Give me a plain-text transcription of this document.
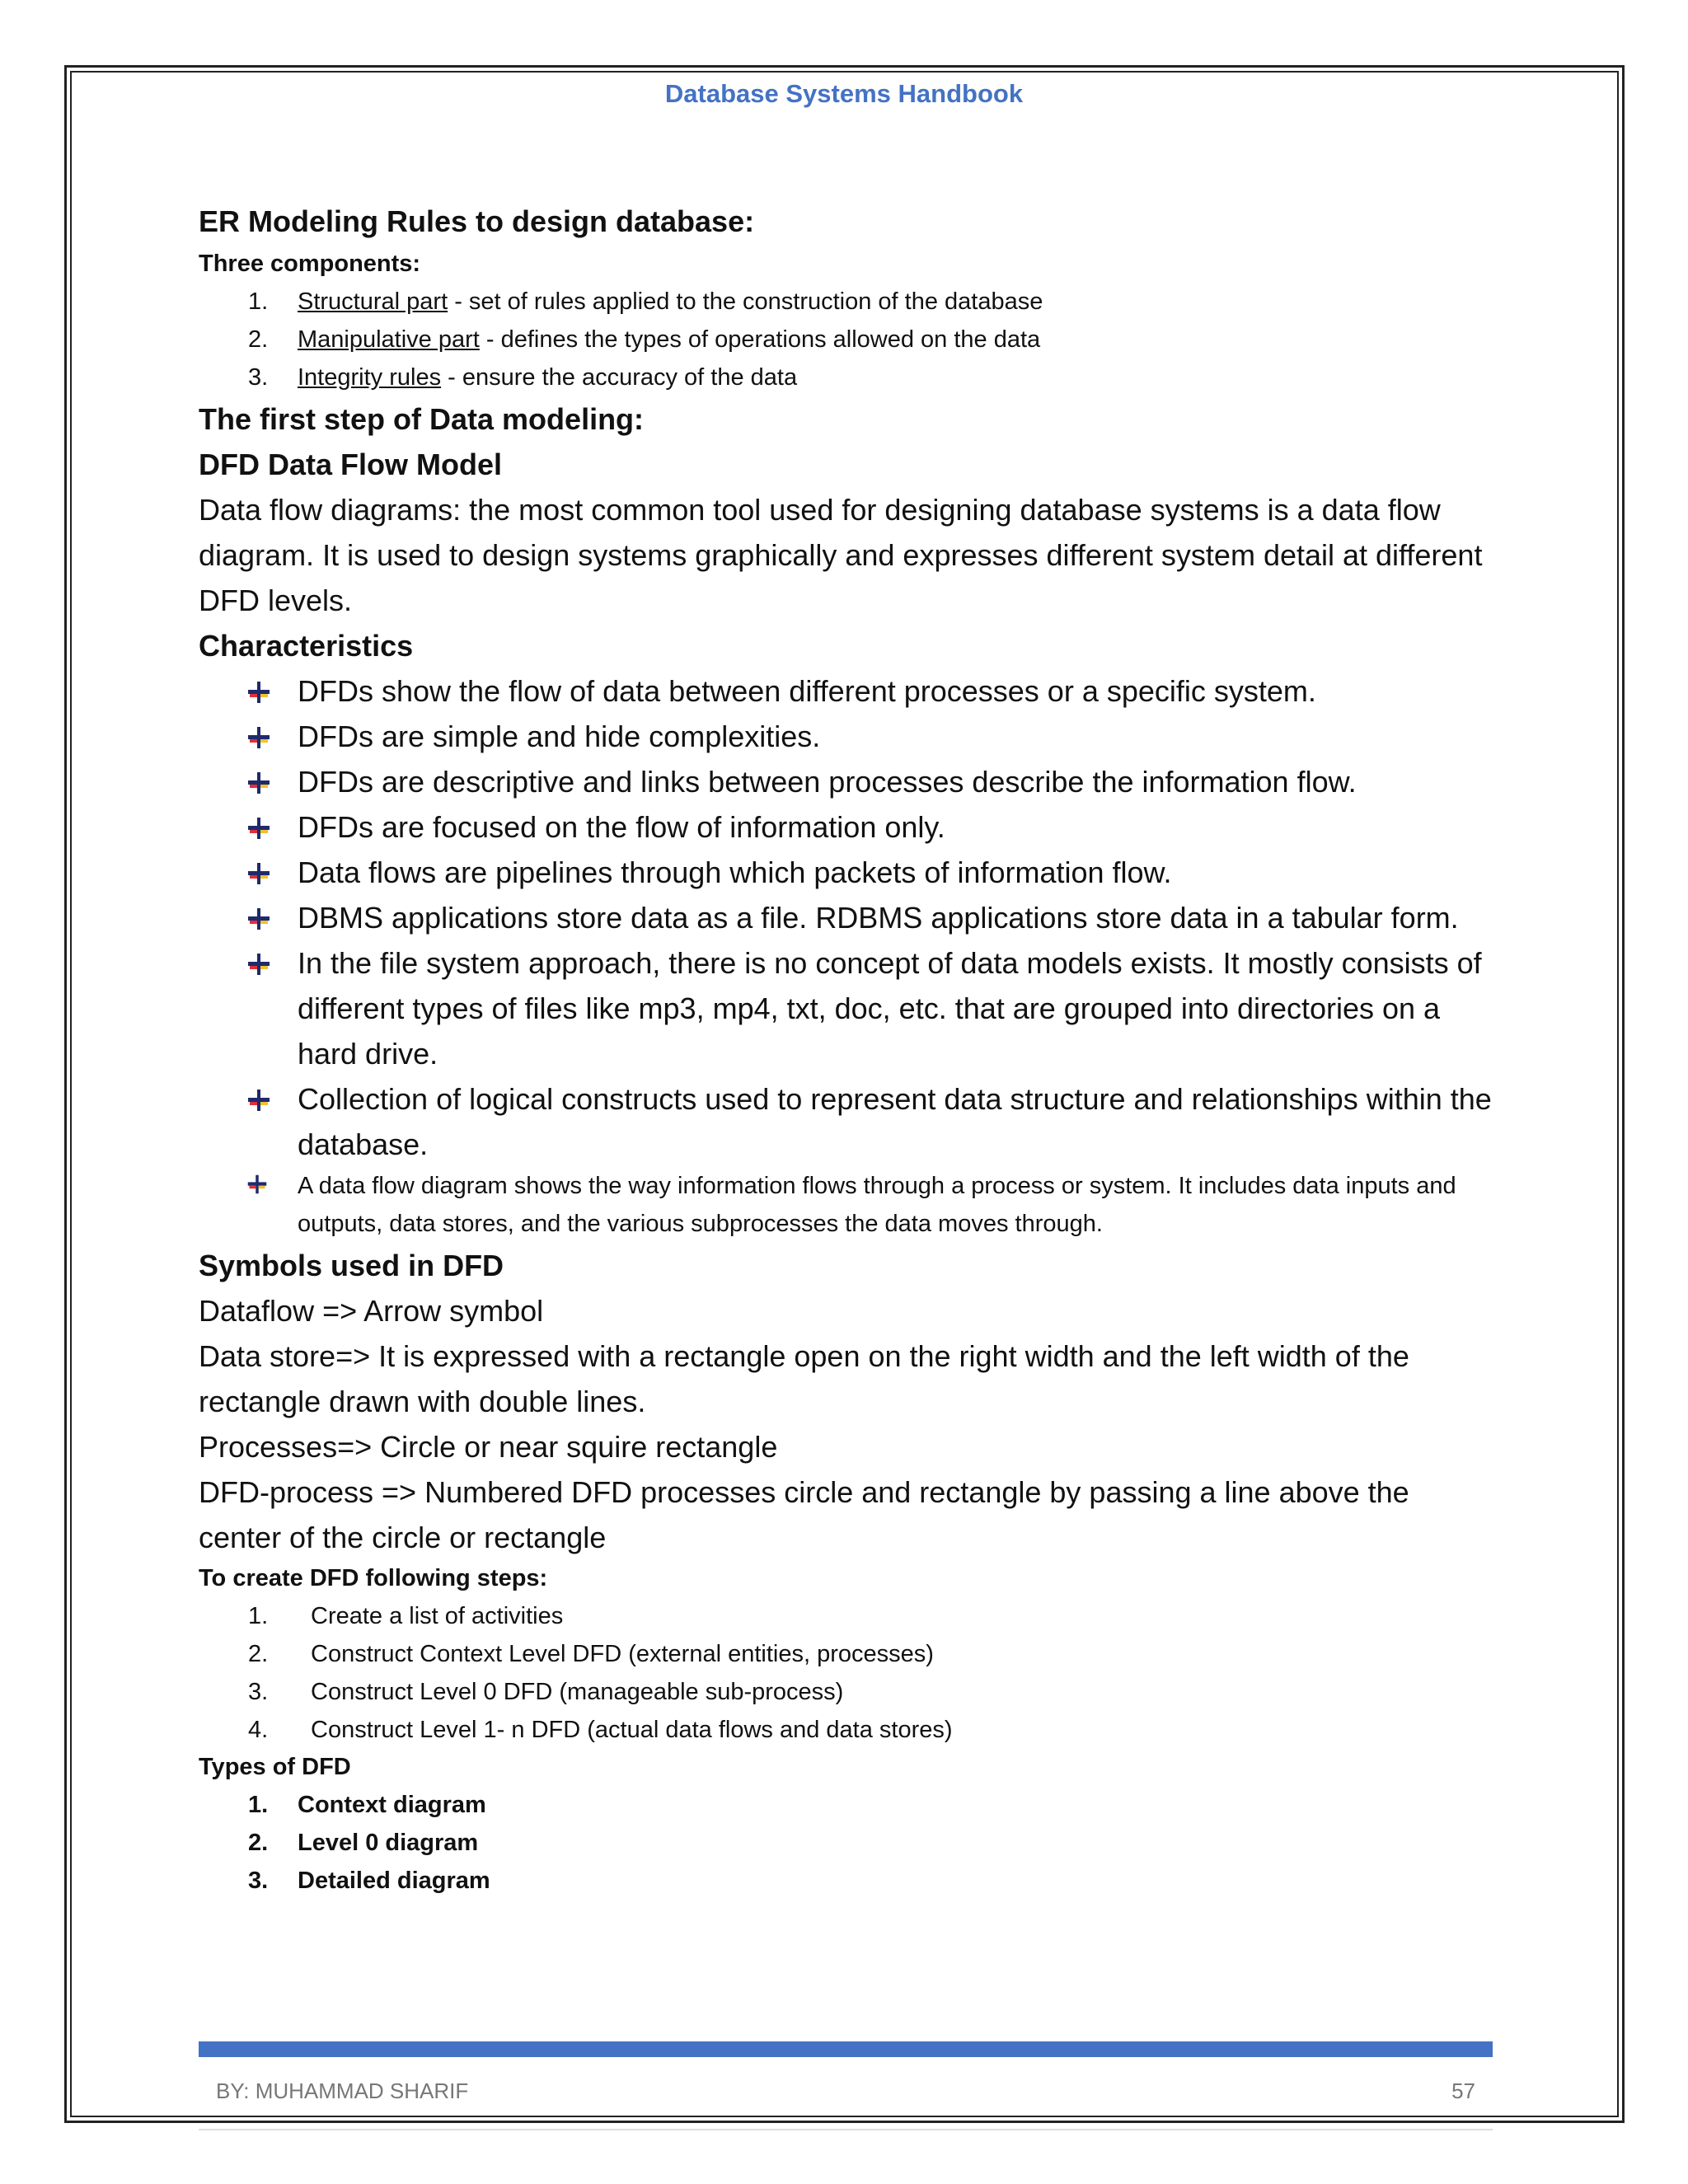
Database Systems Handbook
ER Modeling Rules to design database:
Three components:
1.	Structural part - set of rules applied to the construction of the database
2.	Manipulative part - defines the types of operations allowed on the data
3.	Integrity rules - ensure the accuracy of the data
The first step of Data modeling:
DFD Data Flow Model

Data flow diagrams: the most common tool used for designing database systems is a data flow diagram. It is used to design systems graphically and expresses different system detail at different DFD levels.

Characteristics
DFDs show the flow of data between different processes or a specific system.
DFDs are simple and hide complexities.
DFDs are descriptive and links between processes describe the information flow.
DFDs are focused on the flow of information only.
Data flows are pipelines through which packets of information flow.
DBMS applications store data as a file. RDBMS applications store data in a tabular form.
In the file system approach, there is no concept of data models exists. It mostly consists of different types of files like mp3, mp4, txt, doc, etc. that are grouped into directories on a hard drive.
Collection of logical constructs used to represent data structure and relationships within the database.
A data flow diagram shows the way information flows through a process or system. It includes data inputs and outputs, data stores, and the various subprocesses the data moves through.
Symbols used in DFD

Dataflow => Arrow symbol

Data store=> It is expressed with a rectangle open on the right width and the left width of the rectangle drawn with double lines.

Processes=> Circle or near squire rectangle

DFD-process => Numbered DFD processes circle and rectangle by passing a line above the center of the circle or rectangle

To create DFD following steps:
1.	Create a list of activities
2.	Construct Context Level DFD (external entities, processes)
3.	Construct Level 0 DFD (manageable sub-process)
4.	Construct Level 1- n DFD (actual data flows and data stores)
Types of DFD
1.	Context diagram
2.	Level 0 diagram
3.	Detailed diagram
BY: MUHAMMAD SHARIF	57
